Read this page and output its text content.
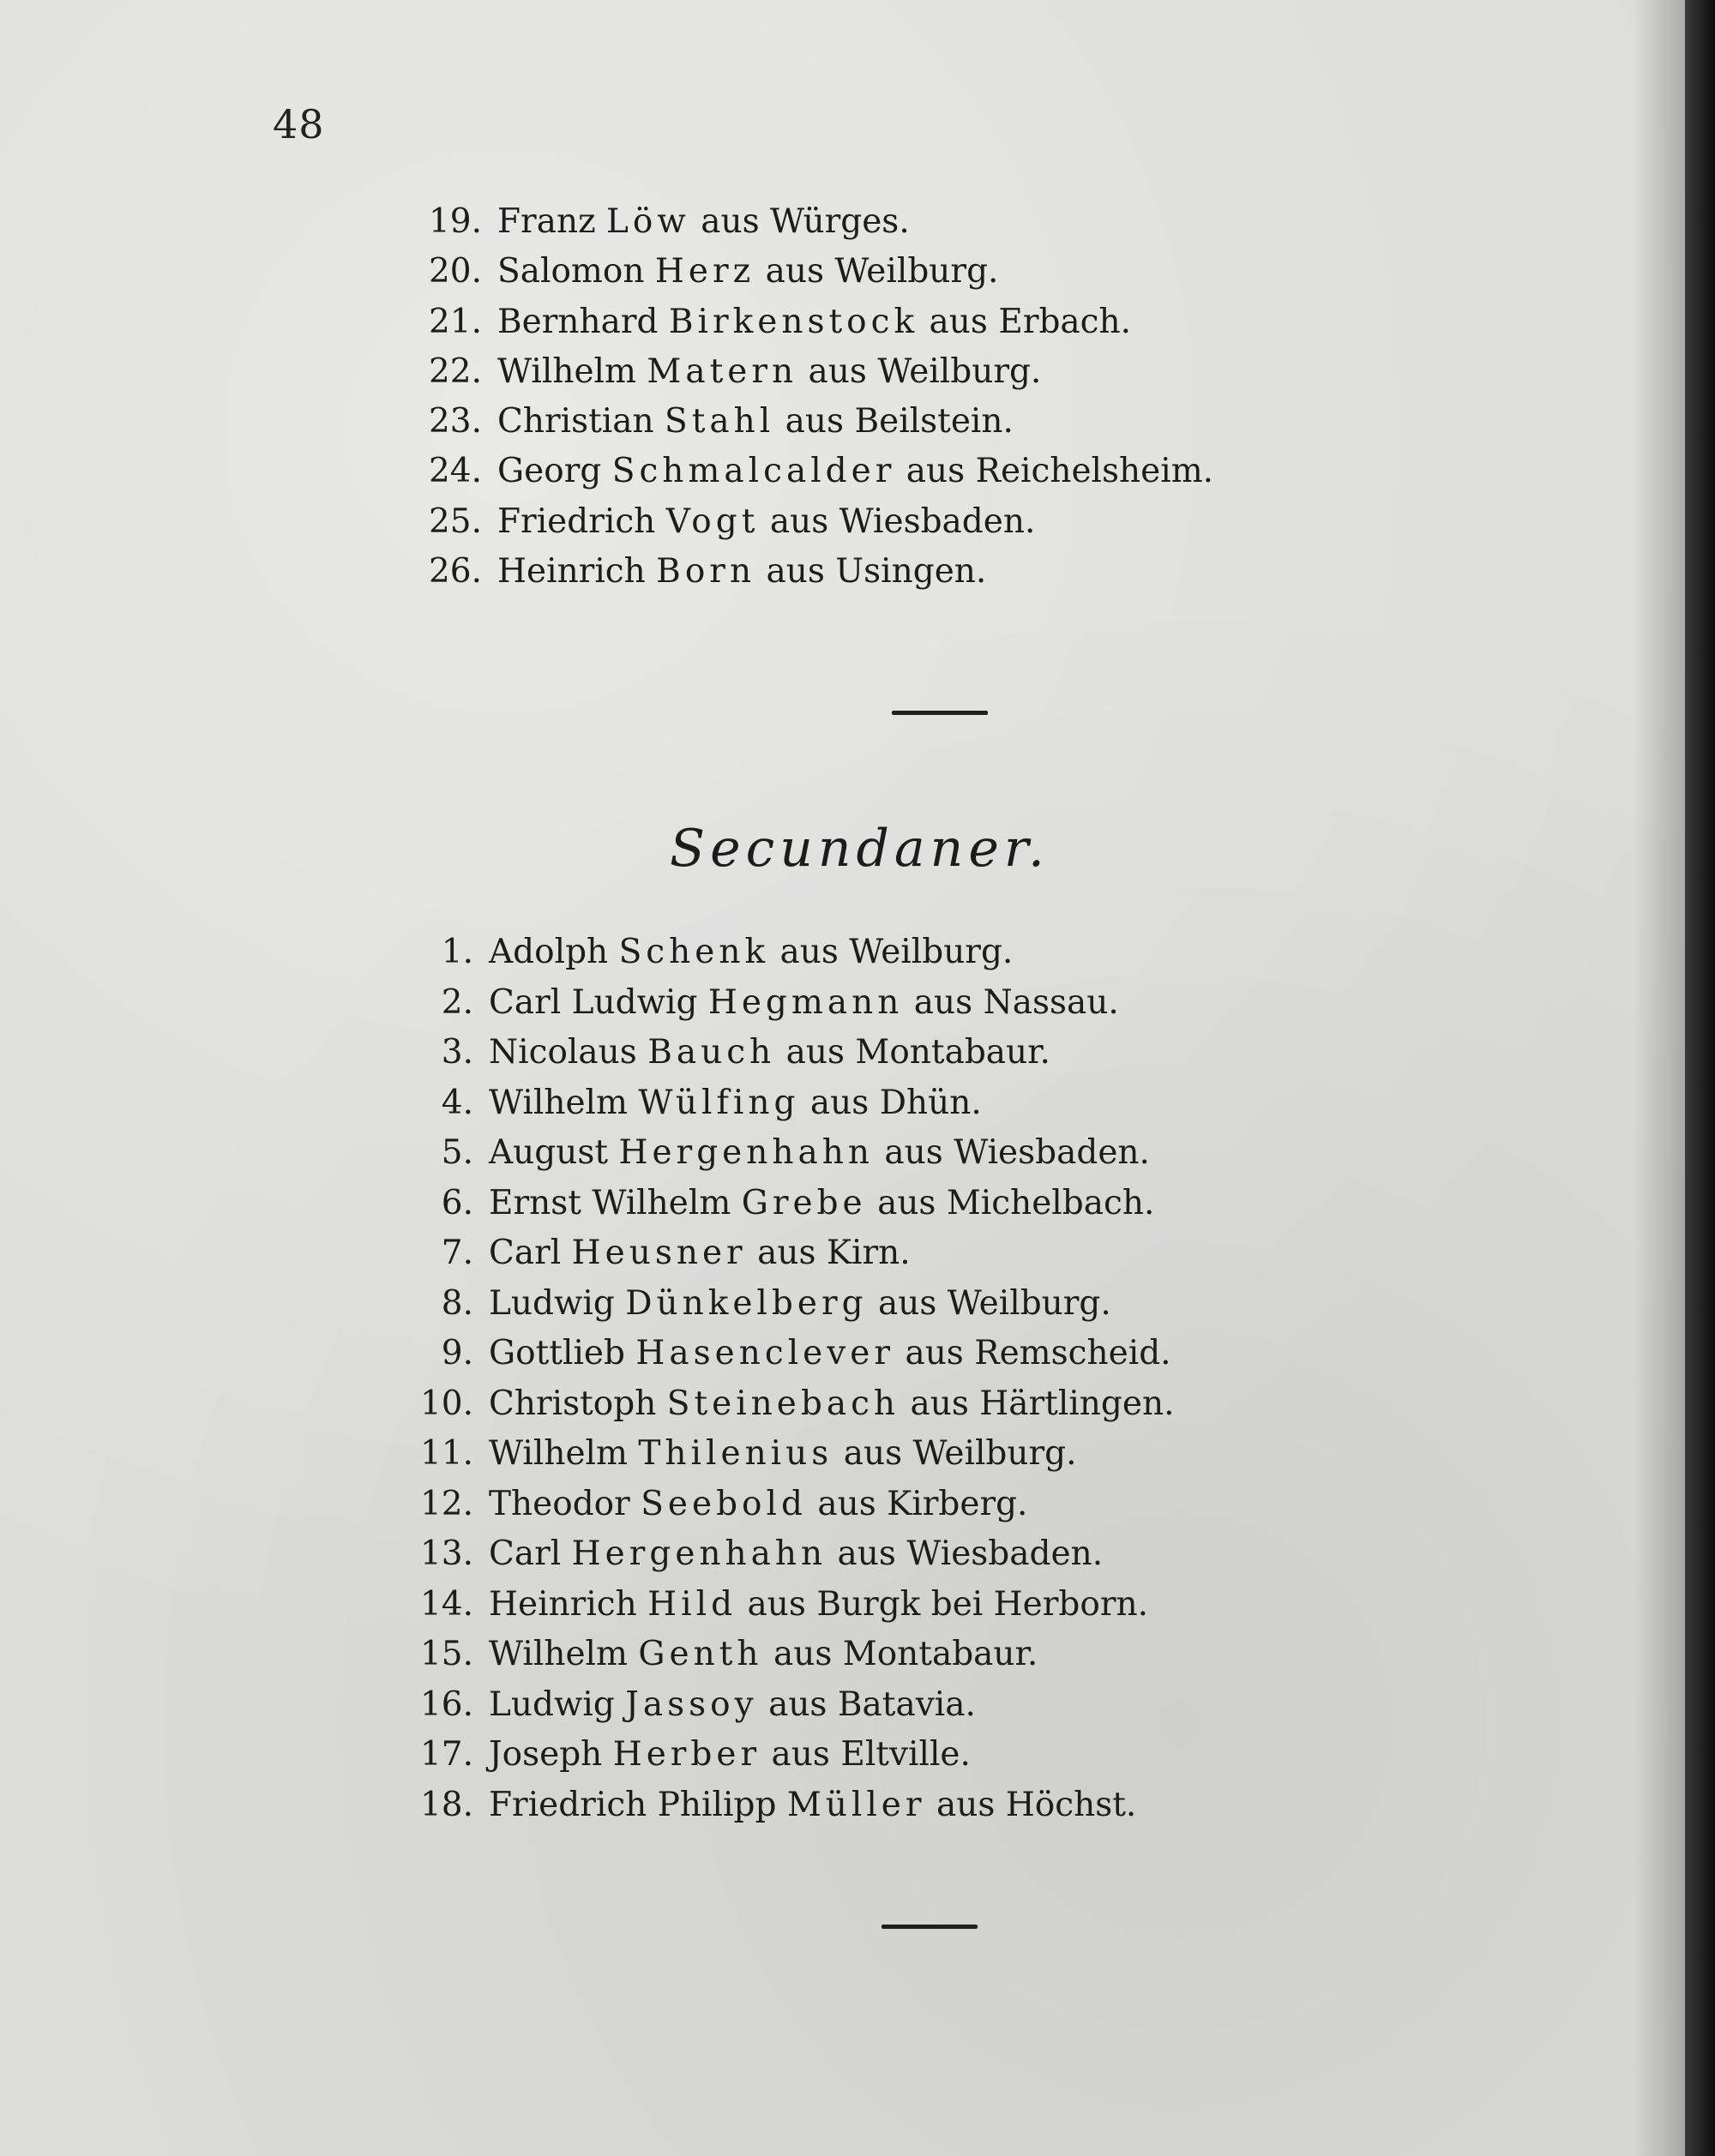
48
19. Franz Löw aus Würges.
20. Salomon Herz aus Weilburg.
21. Bernhard Birkenstock aus Erbach.
22. Wilhelm Matern aus Weilburg.
23. Christian Stahl aus Beilstein.
24. Georg Schmalcalder aus Reichelsheim.
25. Friedrich Vogt aus Wiesbaden.
26. Heinrich Born aus Usingen.
Secundaner.
1. Adolph Schenk aus Weilburg.
2. Carl Ludwig Hegmann aus Nassau.
3. Nicolaus Bauch aus Montabaur.
4. Wilhelm Wülfing aus Dhün.
5. August Hergenhahn aus Wiesbaden.
6. Ernst Wilhelm Grebe aus Michelbach.
7. Carl Heusner aus Kirn.
8. Ludwig Dünkelberg aus Weilburg.
9. Gottlieb Hasenclever aus Remscheid.
10. Christoph Steinebach aus Härtlingen.
11. Wilhelm Thilenius aus Weilburg.
12. Theodor Seebold aus Kirberg.
13. Carl Hergenhahn aus Wiesbaden.
14. Heinrich Hild aus Burgk bei Herborn.
15. Wilhelm Genth aus Montabaur.
16. Ludwig Jassoy aus Batavia.
17. Joseph Herber aus Eltville.
18. Friedrich Philipp Müller aus Höchst.
